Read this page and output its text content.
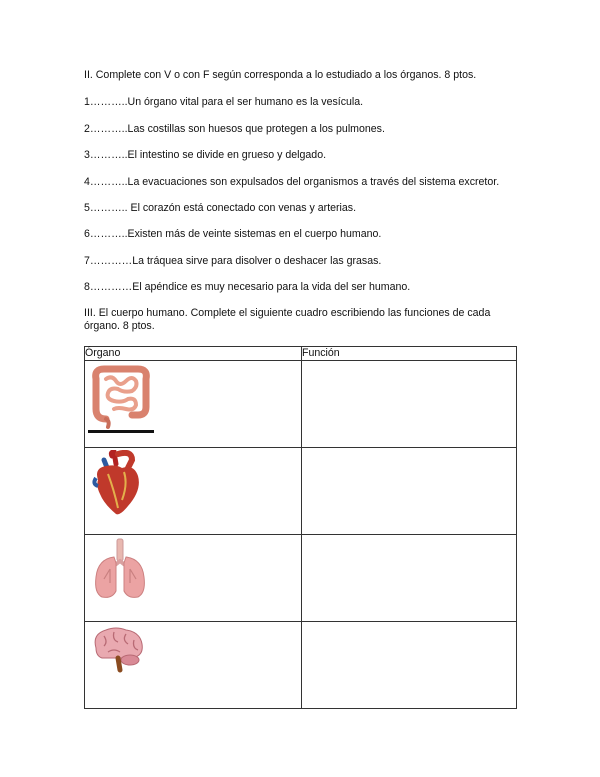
II. Complete con V o con F según corresponda a lo estudiado a los órganos. 8 ptos.
1………..Un órgano vital para el ser humano es la vesícula.
2………..Las costillas son huesos que protegen a los pulmones.
3………..El intestino se divide en grueso y delgado.
4………..La evacuaciones son expulsados del organismos a través del sistema excretor.
5……….. El corazón está conectado con venas y arterias.
6………..Existen más de veinte sistemas en el cuerpo humano.
7…………La tráquea sirve para disolver o deshacer las grasas.
8…………El apéndice es muy necesario para la vida del ser humano.
III. El cuerpo humano. Complete el siguiente cuadro escribiendo las funciones de cada órgano. 8 ptos.
Órgano	Función
